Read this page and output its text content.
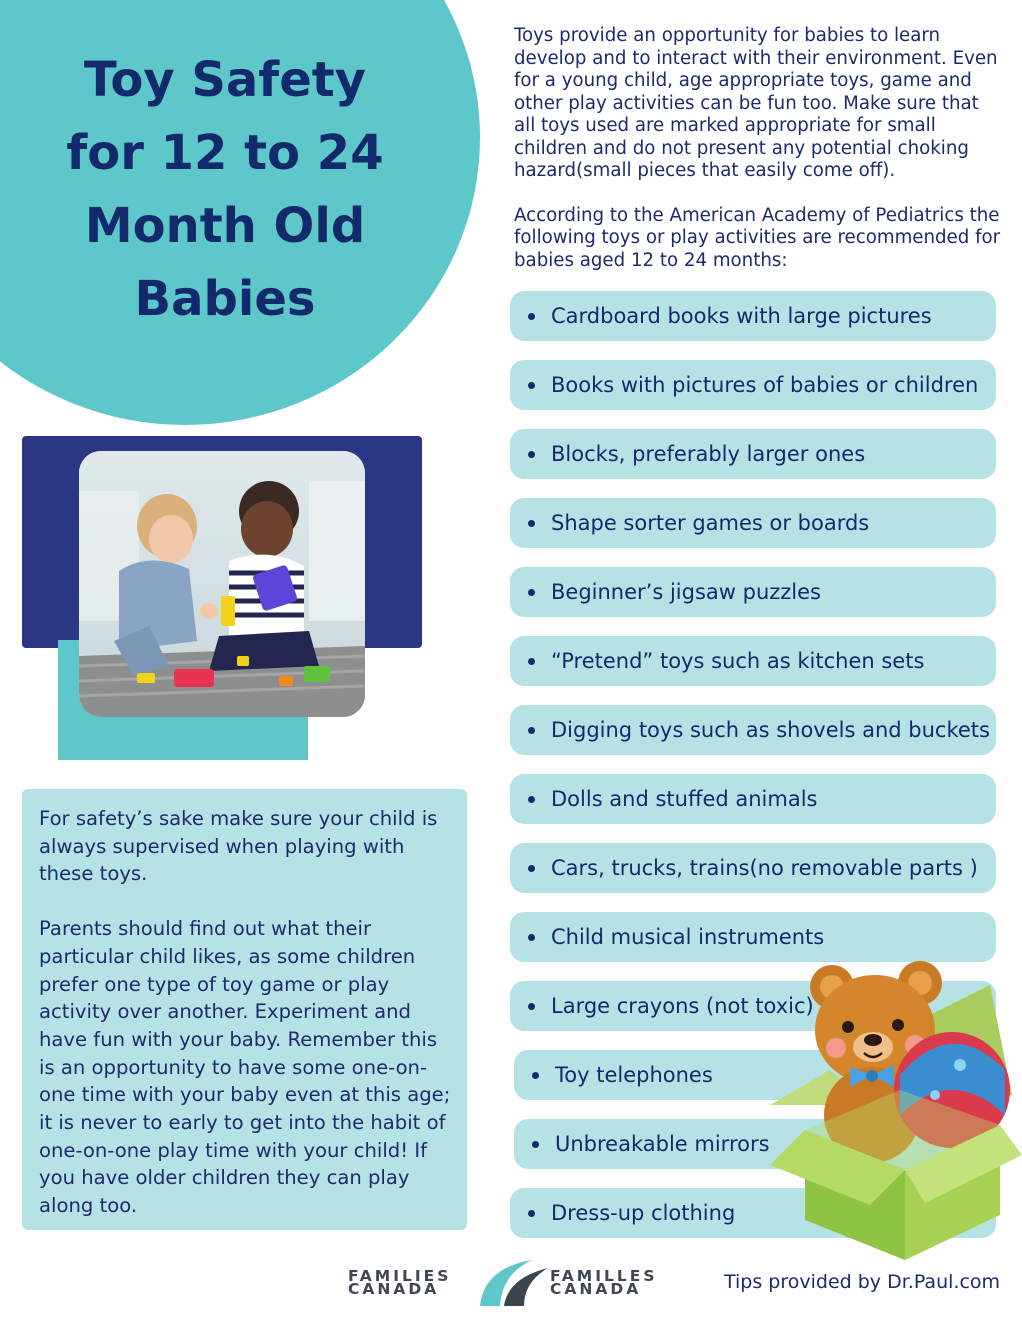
Toy Safety
for 12 to 24
Month Old
Babies

Toys provide an opportunity for babies to learn develop and to interact with their environment. Even for a young child, age appropriate toys, game and other play activities can be fun too. Make sure that all toys used are marked appropriate for small children and do not present any potential choking hazard(small pieces that easily come off).

According to the American Academy of Pediatrics the following toys or play activities are recommended for babies aged 12 to 24 months:

For safety’s sake make sure your child is always supervised when playing with these toys.

Parents should find out what their particular child likes, as some children prefer one type of toy game or play activity over another. Experiment and have fun with your baby. Remember this is an opportunity to have some one-on-one time with your baby even at this age; it is never to early to get into the habit of one-on-one play time with your child! If you have older children they can play along too.

Cardboard books with large pictures
Books with pictures of babies or children
Blocks, preferably larger ones
Shape sorter games or boards
Beginner’s jigsaw puzzles
“Pretend” toys such as kitchen sets
Digging toys such as shovels and buckets
Dolls and stuffed animals
Cars, trucks, trains(no removable parts )
Child musical instruments
Large crayons (not toxic)
Toy telephones
Unbreakable mirrors
Dress-up clothing
FAMILIES
CANADA
FAMILLES
CANADA	Tips provided by Dr.Paul.com
